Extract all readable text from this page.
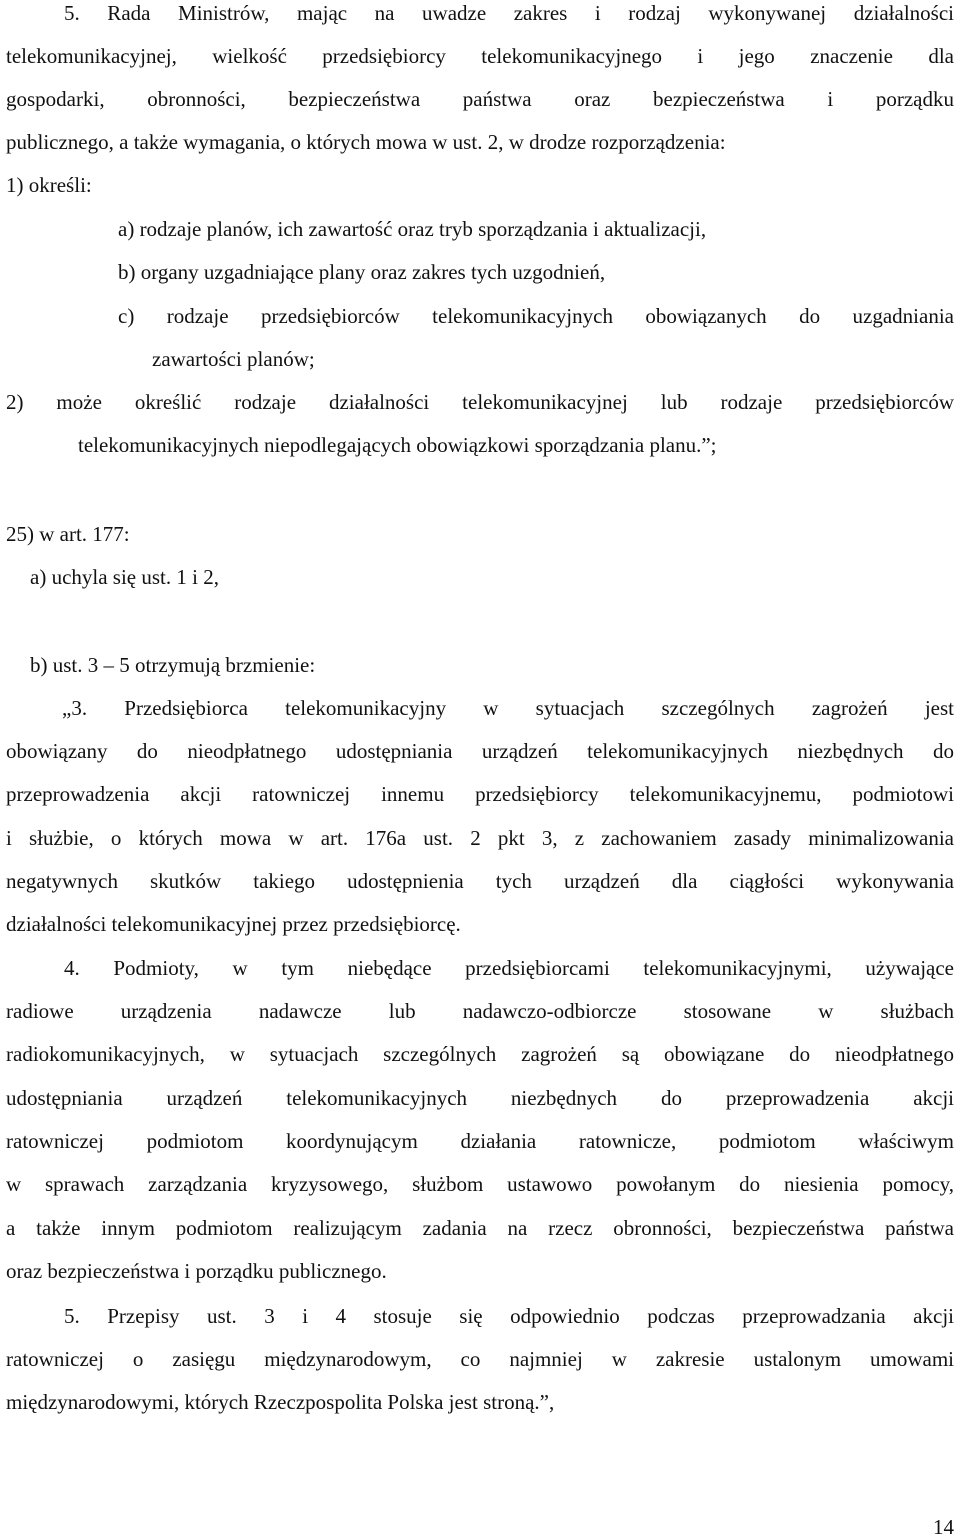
5. Rada Ministrów, mając na uwadze zakres i rodzaj wykonywanej działalności
telekomunikacyjnej, wielkość przedsiębiorcy telekomunikacyjnego i jego znaczenie dla
gospodarki, obronności, bezpieczeństwa państwa oraz bezpieczeństwa i porządku
publicznego, a także wymagania, o których mowa w ust. 2, w drodze rozporządzenia:
1) określi:
a) rodzaje planów, ich zawartość oraz tryb sporządzania i aktualizacji,
b) organy uzgadniające plany oraz zakres tych uzgodnień,
c) rodzaje przedsiębiorców telekomunikacyjnych obowiązanych do uzgadniania
zawartości planów;
2) może określić rodzaje działalności telekomunikacyjnej lub rodzaje przedsiębiorców
telekomunikacyjnych niepodlegających obowiązkowi sporządzania planu.”;
25) w art. 177:
a) uchyla się ust. 1 i 2,
b) ust. 3 – 5 otrzymują brzmienie:
„3. Przedsiębiorca telekomunikacyjny w sytuacjach szczególnych zagrożeń jest
obowiązany do nieodpłatnego udostępniania urządzeń telekomunikacyjnych niezbędnych do
przeprowadzenia akcji ratowniczej innemu przedsiębiorcy telekomunikacyjnemu, podmiotowi
i służbie, o których mowa w art. 176a ust. 2 pkt 3, z zachowaniem zasady minimalizowania
negatywnych skutków takiego udostępnienia tych urządzeń dla ciągłości wykonywania
działalności telekomunikacyjnej przez przedsiębiorcę.
4. Podmioty, w tym niebędące przedsiębiorcami telekomunikacyjnymi, używające
radiowe urządzenia nadawcze lub nadawczo-odbiorcze stosowane w służbach
radiokomunikacyjnych, w sytuacjach szczególnych zagrożeń są obowiązane do nieodpłatnego
udostępniania urządzeń telekomunikacyjnych niezbędnych do przeprowadzenia akcji
ratowniczej podmiotom koordynującym działania ratownicze, podmiotom właściwym
w sprawach zarządzania kryzysowego, służbom ustawowo powołanym do niesienia pomocy,
a także innym podmiotom realizującym zadania na rzecz obronności, bezpieczeństwa państwa
oraz bezpieczeństwa i porządku publicznego.
5. Przepisy ust. 3 i 4 stosuje się odpowiednio podczas przeprowadzania akcji
ratowniczej o zasięgu międzynarodowym, co najmniej w zakresie ustalonym umowami
międzynarodowymi, których Rzeczpospolita Polska jest stroną.”,
14
